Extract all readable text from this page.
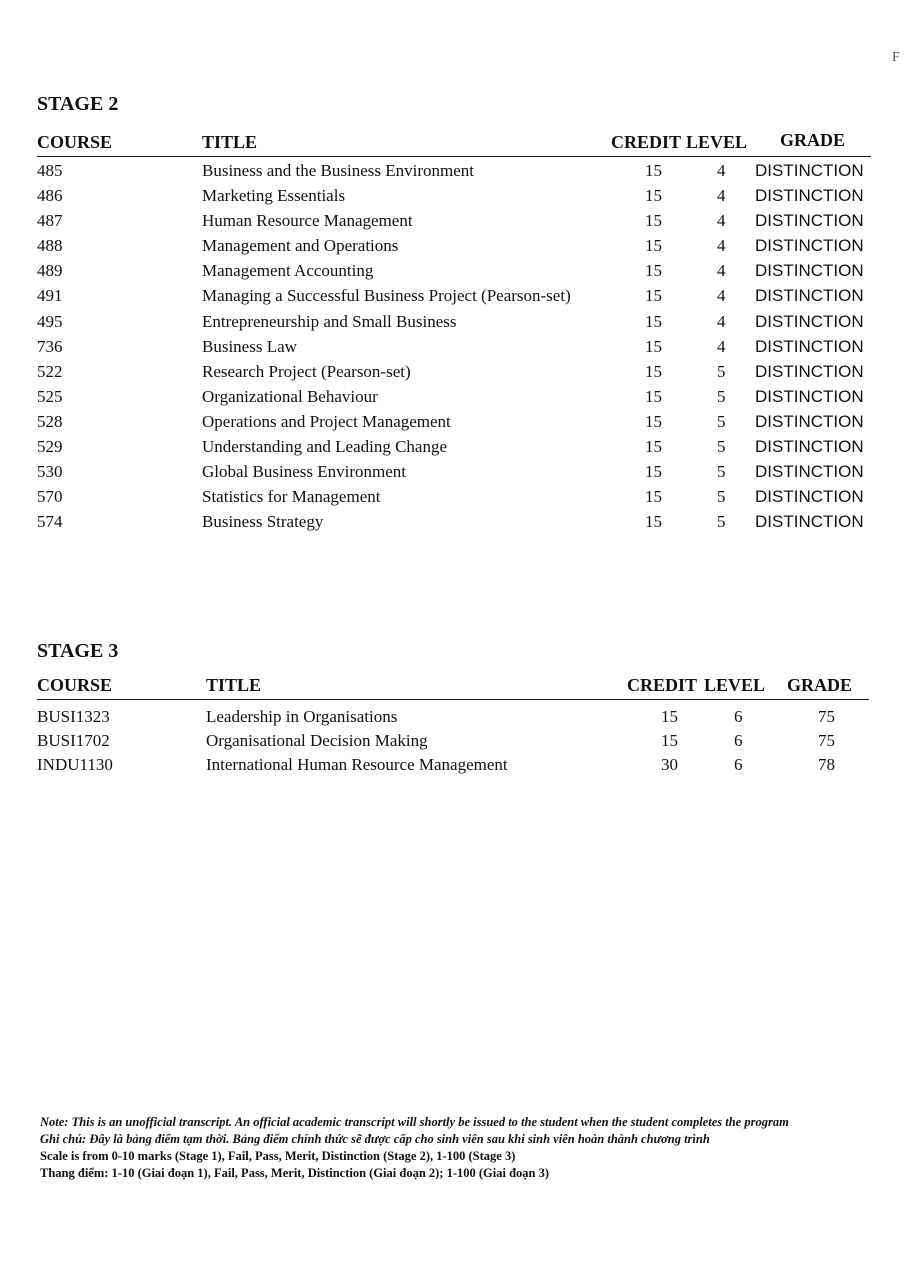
F
STAGE 2
COURSE	TITLE	CREDIT LEVEL GRADE
485	Business and the Business Environment	15	4 DISTINCTION
486	Marketing Essentials	15	4 DISTINCTION
487	Human Resource Management	15	4 DISTINCTION
488	Management and Operations	15	4 DISTINCTION
489	Management Accounting	15	4 DISTINCTION
491	Managing a Successful Business Project (Pearson-set)	15	4 DISTINCTION
495	Entrepreneurship and Small Business	15	4 DISTINCTION
736	Business Law	15	4 DISTINCTION
522	Research Project (Pearson-set)	15	5 DISTINCTION
525	Organizational Behaviour	15	5 DISTINCTION
528	Operations and Project Management	15	5 DISTINCTION
529	Understanding and Leading Change	15	5 DISTINCTION
530	Global Business Environment	15	5 DISTINCTION
570	Statistics for Management	15	5 DISTINCTION
574	Business Strategy	15	5 DISTINCTION
STAGE 3
COURSE	TITLE	CREDIT LEVEL GRADE
BUSI1323	Leadership in Organisations	15	6	75
BUSI1702	Organisational Decision Making	15	6	75
INDU1130	International Human Resource Management	30	6	78
Note: This is an unofficial transcript. An official academic transcript will shortly be issued to the student when the student completes the program
Ghi chú: Đây là bảng điểm tạm thời. Bảng điểm chính thức sẽ được cấp cho sinh viên sau khi sinh viên hoàn thành chương trình
Scale is from 0-10 marks (Stage 1), Fail, Pass, Merit, Distinction (Stage 2), 1-100 (Stage 3)
Thang điểm: 1-10 (Giai đoạn 1), Fail, Pass, Merit, Distinction (Giai đoạn 2); 1-100 (Giai đoạn 3)
